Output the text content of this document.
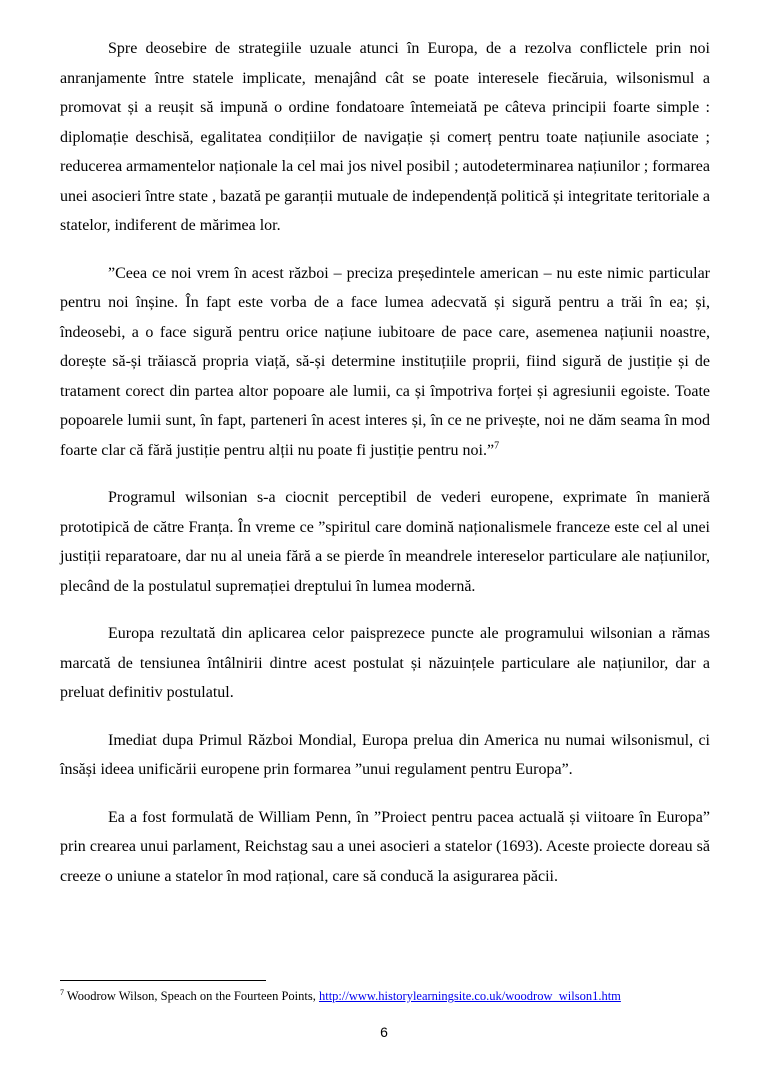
Spre deosebire de strategiile uzuale atunci în Europa, de a rezolva conflictele prin noi anranjamente între statele implicate, menajând cât se poate interesele fiecăruia, wilsonismul a promovat și a reușit să impună o ordine fondatoare întemeiată pe câteva principii foarte simple : diplomație deschisă, egalitatea condițiilor de navigație și comerț pentru toate națiunile asociate ; reducerea armamentelor naționale la cel mai jos nivel posibil ; autodeterminarea națiunilor ; formarea unei asocieri între state , bazată pe garanții mutuale de independență politică și integritate teritoriale a statelor, indiferent de mărimea lor.

”Ceea ce noi vrem în acest război – preciza președintele american – nu este nimic particular pentru noi înșine. În fapt este vorba de a face lumea adecvată și sigură pentru a trăi în ea; și, îndeosebi, a o face sigură pentru orice națiune iubitoare de pace care, asemenea națiunii noastre, dorește să-și trăiască propria viață, să-și determine instituțiile proprii, fiind sigură de justiție și de tratament corect din partea altor popoare ale lumii, ca și împotriva forței și agresiunii egoiste. Toate popoarele lumii sunt, în fapt, parteneri în acest interes și, în ce ne privește, noi ne dăm seama în mod foarte clar că fără justiție pentru alții nu poate fi justiție pentru noi.”$^7$

Programul wilsonian s-a ciocnit perceptibil de vederi europene, exprimate în manieră prototipică de către Franța. În vreme ce ”spiritul care domină naționalismele franceze este cel al unei justiții reparatoare, dar nu al uneia fără a se pierde în meandrele intereselor particulare ale națiunilor, plecând de la postulatul supremației dreptului în lumea modernă.

Europa rezultată din aplicarea celor paisprezece puncte ale programului wilsonian a rămas marcată de tensiunea întâlnirii dintre acest postulat și năzuințele particulare ale națiunilor, dar a preluat definitiv postulatul.

Imediat dupa Primul Război Mondial, Europa prelua din America nu numai wilsonismul, ci însăși ideea unificării europene prin formarea ”unui regulament pentru Europa”.

Ea a fost formulată de William Penn, în ”Proiect pentru pacea actuală și viitoare în Europa” prin crearea unui parlament, Reichstag sau a unei asocieri a statelor (1693). Aceste proiecte doreau să creeze o uniune a statelor în mod rațional, care să conducă la asigurarea păcii.

$^7$ Woodrow Wilson, Speach on the Fourteen Points, http://www.historylearningsite.co.uk/woodrow_wilson1.htm
6
